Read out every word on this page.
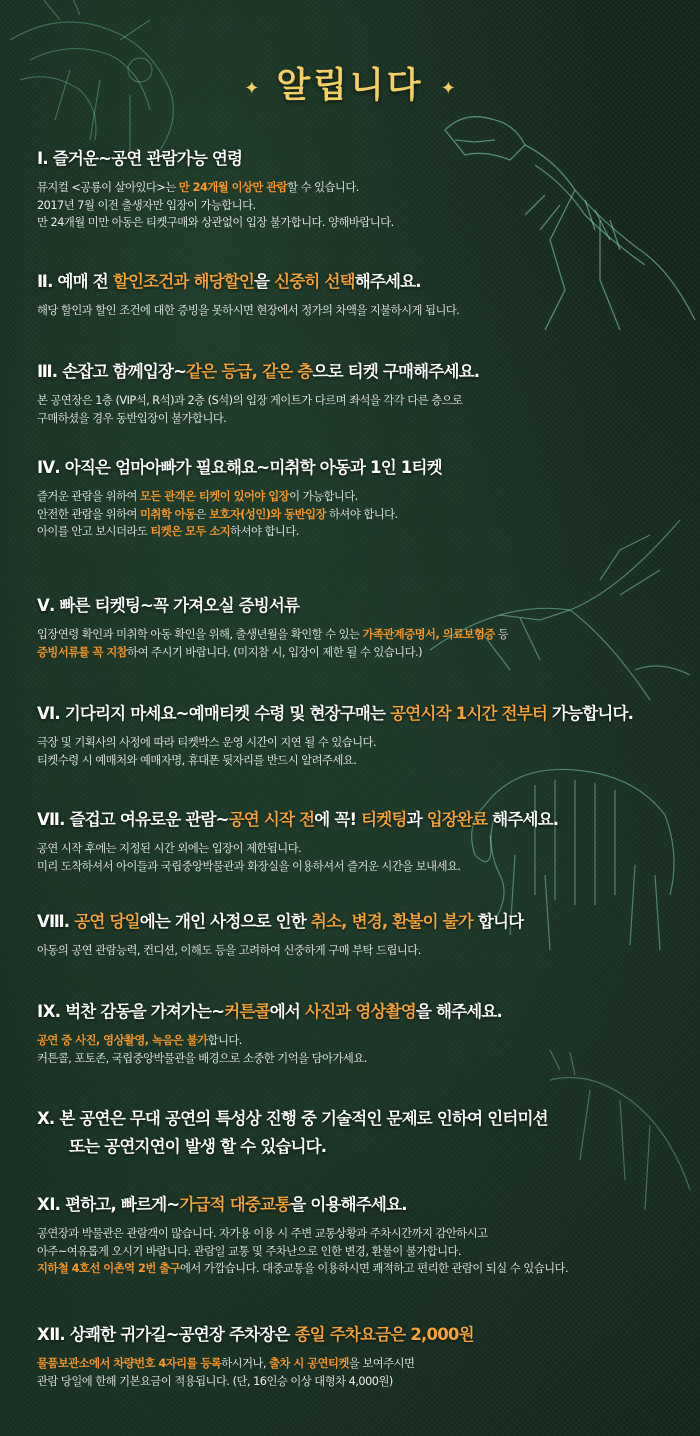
✦ 알립니다 ✦
Ⅰ. 즐거운~공연 관람가능 연령
뮤지컬 <공룡이 살아있다>는 만 24개월 이상만 관람할 수 있습니다.
2017년 7월 이전 출생자만 입장이 가능합니다.
만 24개월 미만 아동은 티켓구매와 상관없이 입장 불가합니다. 양해바랍니다.
Ⅱ. 예매 전 할인조건과 해당할인을 신중히 선택해주세요.
해당 할인과 할인 조건에 대한 증빙을 못하시면 현장에서 정가의 차액을 지불하시게 됩니다.
Ⅲ. 손잡고 함께입장~같은 등급, 같은 층으로 티켓 구매해주세요.
본 공연장은 1층 (VIP석, R석)과 2층 (S석)의 입장 게이트가 다르며 좌석을 각각 다른 층으로
구매하셨을 경우 동반입장이 불가합니다.
Ⅳ. 아직은 엄마아빠가 필요해요~미취학 아동과 1인 1티켓
즐거운 관람을 위하여 모든 관객은 티켓이 있어야 입장이 가능합니다.
안전한 관람을 위하여 미취학 아동은 보호자(성인)와 동반입장 하셔야 합니다.
아이를 안고 보시더라도 티켓은 모두 소지하셔야 합니다.
Ⅴ. 빠른 티켓팅~꼭 가져오실 증빙서류
입장연령 확인과 미취학 아동 확인을 위해, 출생년월을 확인할 수 있는 가족관계증명서, 의료보험증 등
증빙서류를 꼭 지참하여 주시기 바랍니다. (미지참 시, 입장이 제한 될 수 있습니다.)
Ⅵ. 기다리지 마세요~예매티켓 수령 및 현장구매는 공연시작 1시간 전부터 가능합니다.
극장 및 기획사의 사정에 따라 티켓박스 운영 시간이 지연 될 수 있습니다.
티켓수령 시 예매처와 예매자명, 휴대폰 뒷자리를 반드시 알려주세요.
Ⅶ. 즐겁고 여유로운 관람~공연 시작 전에 꼭! 티켓팅과 입장완료 해주세요.
공연 시작 후에는 지정된 시간 외에는 입장이 제한됩니다.
미리 도착하셔서 아이들과 국립중앙박물관과 화장실을 이용하셔서 즐거운 시간을 보내세요.
Ⅷ. 공연 당일에는 개인 사정으로 인한 취소, 변경, 환불이 불가 합니다
아동의 공연 관람능력, 컨디션, 이해도 등을 고려하여 신중하게 구매 부탁 드립니다.
Ⅸ. 벅찬 감동을 가져가는~커튼콜에서 사진과 영상촬영을 해주세요.
공연 중 사진, 영상촬영, 녹음은 불가합니다.
커튼콜, 포토존, 국립중앙박물관을 배경으로 소중한 기억을 담아가세요.
Ⅹ. 본 공연은 무대 공연의 특성상 진행 중 기술적인 문제로 인하여 인터미션
또는 공연지연이 발생 할 수 있습니다.
Ⅺ. 편하고, 빠르게~가급적 대중교통을 이용해주세요.
공연장과 박물관은 관람객이 많습니다. 자가용 이용 시 주변 교통상황과 주차시간까지 감안하시고
아주~여유롭게 오시기 바랍니다. 관람일 교통 및 주차난으로 인한 변경, 환불이 불가합니다.
지하철 4호선 이촌역 2번 출구에서 가깝습니다. 대중교통을 이용하시면 쾌적하고 편리한 관람이 되실 수 있습니다.
Ⅻ. 상쾌한 귀가길~공연장 주차장은 종일 주차요금은 2,000원
물품보관소에서 차량번호 4자리를 등록하시거나, 출차 시 공연티켓을 보여주시면
관람 당일에 한해 기본요금이 적용됩니다. (단, 16인승 이상 대형차 4,000원)
